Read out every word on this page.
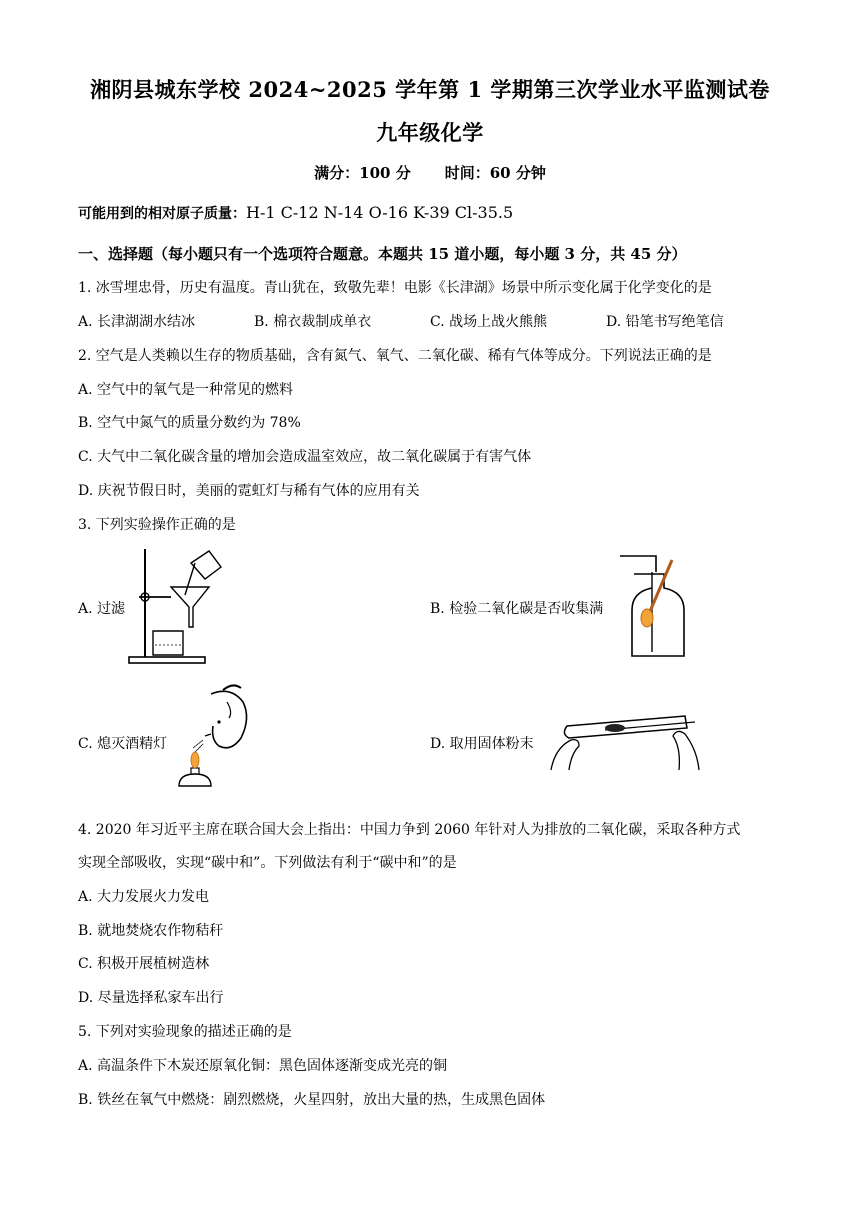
湘阴县城东学校 2024~2025 学年第 1 学期第三次学业水平监测试卷
九年级化学
满分：100 分 时间：60 分钟
可能用到的相对原子质量：H-1 C-12 N-14 O-16 K-39 Cl-35.5
一、选择题（每小题只有一个选项符合题意。本题共 15 道小题，每小题 3 分，共 45 分）
1. 冰雪埋忠骨，历史有温度。青山犹在，致敬先辈！电影《长津湖》场景中所示变化属于化学变化的是
A. 长津湖湖水结冰	B. 棉衣裁制成单衣	C. 战场上战火熊熊	D. 铅笔书写绝笔信
2. 空气是人类赖以生存的物质基础，含有氮气、氧气、二氧化碳、稀有气体等成分。下列说法正确的是
A. 空气中的氧气是一种常见的燃料
B. 空气中氮气的质量分数约为 78%
C. 大气中二氧化碳含量的增加会造成温室效应，故二氧化碳属于有害气体
D. 庆祝节假日时，美丽的霓虹灯与稀有气体的应用有关
3. 下列实验操作正确的是
A. 过滤	B. 检验二氧化碳是否收集满
C. 熄灭酒精灯	D. 取用固体粉末
4. 2020 年习近平主席在联合国大会上指出：中国力争到 2060 年针对人为排放的二氧化碳，采取各种方式
实现全部吸收，实现“碳中和”。下列做法有利于“碳中和”的是
A. 大力发展火力发电
B. 就地焚烧农作物秸秆
C. 积极开展植树造林
D. 尽量选择私家车出行
5. 下列对实验现象的描述正确的是
A. 高温条件下木炭还原氧化铜：黑色固体逐渐变成光亮的铜
B. 铁丝在氧气中燃烧：剧烈燃烧，火星四射，放出大量的热，生成黑色固体
